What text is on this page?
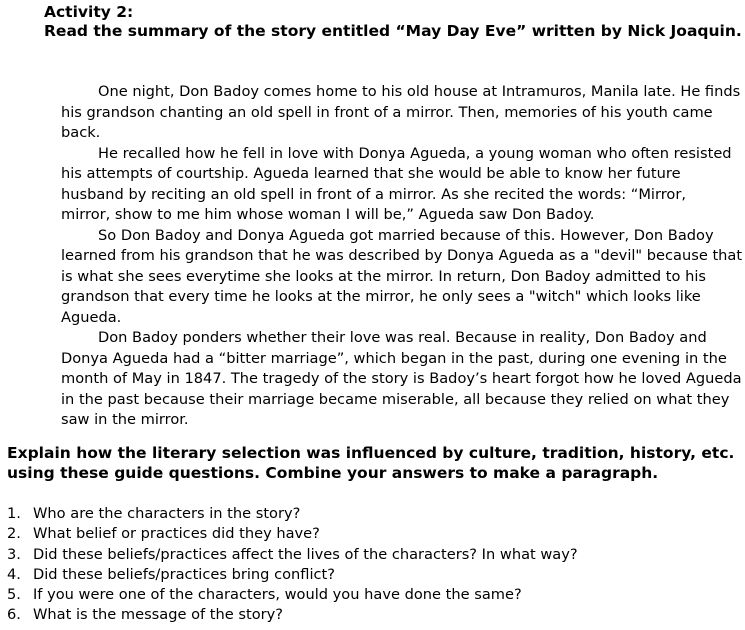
Activity 2:
Read the summary of the story entitled “May Day Eve” written by Nick Joaquin.
One night, Don Badoy comes home to his old house at Intramuros, Manila late. He finds
his grandson chanting an old spell in front of a mirror. Then, memories of his youth came
back.
He recalled how he fell in love with Donya Agueda, a young woman who often resisted
his attempts of courtship. Agueda learned that she would be able to know her future
husband by reciting an old spell in front of a mirror. As she recited the words: “Mirror,
mirror, show to me him whose woman I will be,” Agueda saw Don Badoy.
So Don Badoy and Donya Agueda got married because of this. However, Don Badoy
learned from his grandson that he was described by Donya Agueda as a "devil" because that
is what she sees everytime she looks at the mirror. In return, Don Badoy admitted to his
grandson that every time he looks at the mirror, he only sees a "witch" which looks like
Agueda.
Don Badoy ponders whether their love was real. Because in reality, Don Badoy and
Donya Agueda had a “bitter marriage”, which began in the past, during one evening in the
month of May in 1847. The tragedy of the story is Badoy’s heart forgot how he loved Agueda
in the past because their marriage became miserable, all because they relied on what they
saw in the mirror.
Explain how the literary selection was influenced by culture, tradition, history, etc.
using these guide questions. Combine your answers to make a paragraph.
1. Who are the characters in the story?
2. What belief or practices did they have?
3. Did these beliefs/practices affect the lives of the characters? In what way?
4. Did these beliefs/practices bring conflict?
5. If you were one of the characters, would you have done the same?
6. What is the message of the story?
